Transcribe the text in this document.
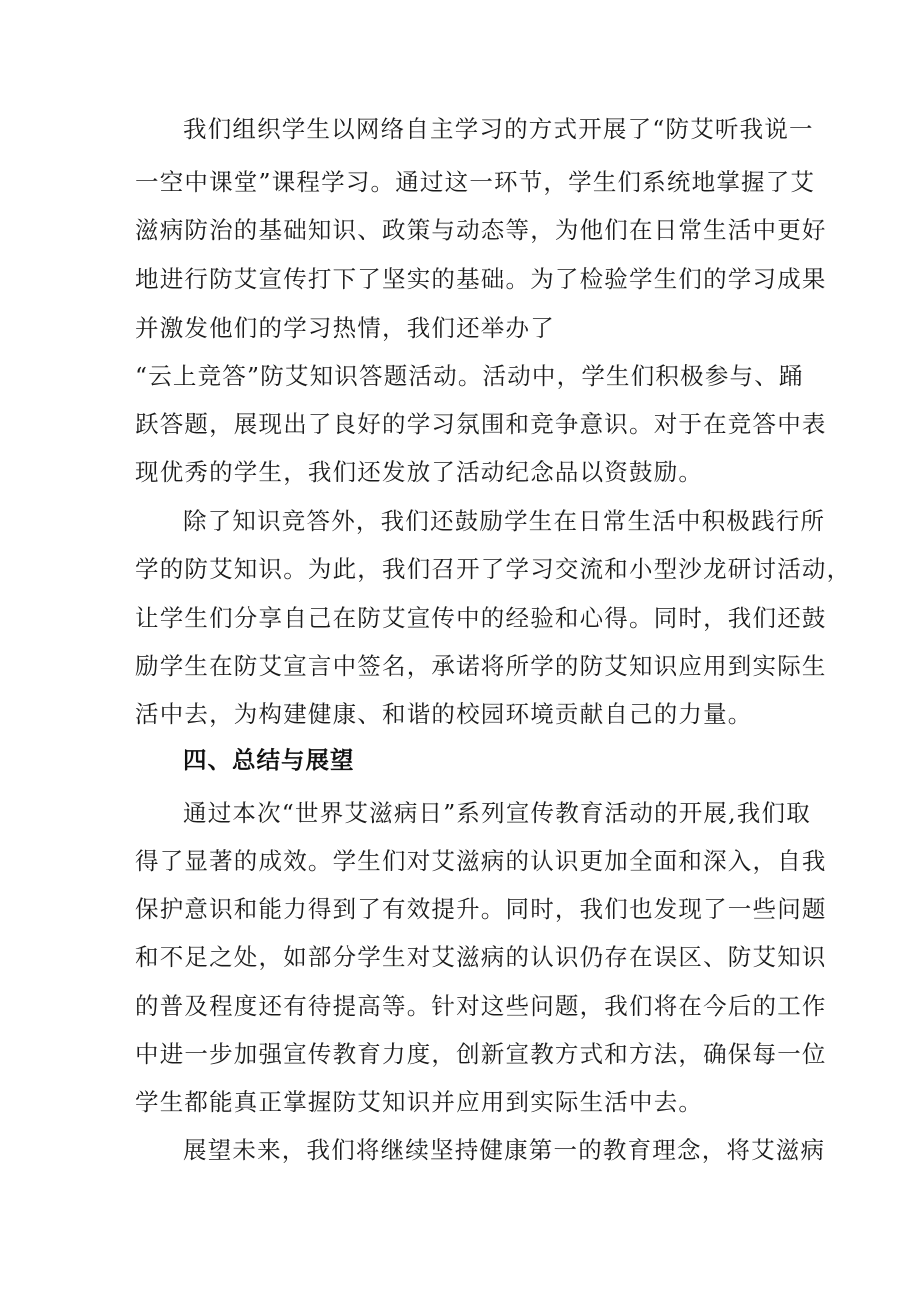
我们组织学生以网络自主学习的方式开展了“防艾听我说一
一空中课堂”课程学习。通过这一环节，学生们系统地掌握了艾
滋病防治的基础知识、政策与动态等，为他们在日常生活中更好
地进行防艾宣传打下了坚实的基础。为了检验学生们的学习成果
并激发他们的学习热情，我们还举办了
“云上竞答”防艾知识答题活动。活动中，学生们积极参与、踊
跃答题，展现出了良好的学习氛围和竞争意识。对于在竞答中表
现优秀的学生，我们还发放了活动纪念品以资鼓励。
除了知识竞答外，我们还鼓励学生在日常生活中积极践行所
学的防艾知识。为此，我们召开了学习交流和小型沙龙研讨活动，
让学生们分享自己在防艾宣传中的经验和心得。同时，我们还鼓
励学生在防艾宣言中签名，承诺将所学的防艾知识应用到实际生
活中去，为构建健康、和谐的校园环境贡献自己的力量。
四、总结与展望
通过本次“世界艾滋病日”系列宣传教育活动的开展,我们取
得了显著的成效。学生们对艾滋病的认识更加全面和深入，自我
保护意识和能力得到了有效提升。同时，我们也发现了一些问题
和不足之处，如部分学生对艾滋病的认识仍存在误区、防艾知识
的普及程度还有待提高等。针对这些问题，我们将在今后的工作
中进一步加强宣传教育力度，创新宣教方式和方法，确保每一位
学生都能真正掌握防艾知识并应用到实际生活中去。
展望未来，我们将继续坚持健康第一的教育理念，将艾滋病
